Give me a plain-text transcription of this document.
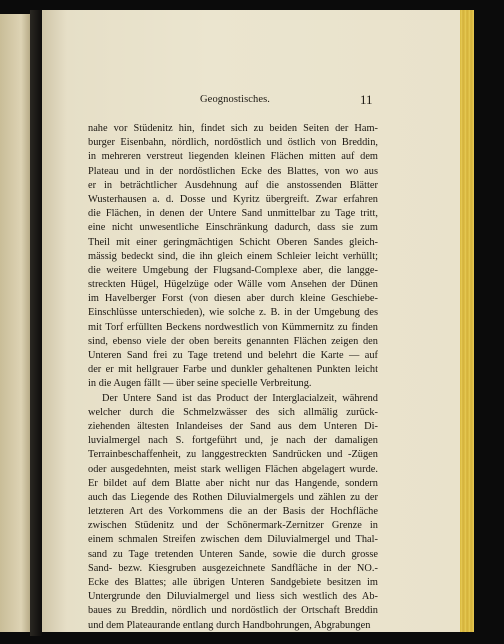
Geognostisches.	11
nahe vor Stüdenitz hin, findet sich zu beiden Seiten der Ham-
burger Eisenbahn, nördlich, nordöstlich und östlich von Breddin,
in mehreren verstreut liegenden kleinen Flächen mitten auf dem
Plateau und in der nordöstlichen Ecke des Blattes, von wo aus
er in beträchtlicher Ausdehnung auf die anstossenden Blätter
Wusterhausen a. d. Dosse und Kyritz übergreift. Zwar erfahren
die Flächen, in denen der Untere Sand unmittelbar zu Tage tritt,
eine nicht unwesentliche Einschränkung dadurch, dass sie zum
Theil mit einer geringmächtigen Schicht Oberen Sandes gleich-
mässig bedeckt sind, die ihn gleich einem Schleier leicht verhüllt;
die weitere Umgebung der Flugsand-Complexe aber, die langge-
streckten Hügel, Hügelzüge oder Wälle vom Ansehen der Dünen
im Havelberger Forst (von diesen aber durch kleine Geschiebe-
Einschlüsse unterschieden), wie solche z. B. in der Umgebung des
mit Torf erfüllten Beckens nordwestlich von Kümmernitz zu finden
sind, ebenso viele der oben bereits genannten Flächen zeigen den
Unteren Sand frei zu Tage tretend und belehrt die Karte — auf
der er mit hellgrauer Farbe und dunkler gehaltenen Punkten leicht
in die Augen fällt — über seine specielle Verbreitung.
Der Untere Sand ist das Product der Interglacialzeit, während
welcher durch die Schmelzwässer des sich allmälig zurück-
ziehenden ältesten Inlandeises der Sand aus dem Unteren Di-
luvialmergel nach S. fortgeführt und, je nach der damaligen
Terrainbeschaffenheit, zu langgestreckten Sandrücken und -Zügen
oder ausgedehnten, meist stark welligen Flächen abgelagert wurde.
Er bildet auf dem Blatte aber nicht nur das Hangende, sondern
auch das Liegende des Rothen Diluvialmergels und zählen zu der
letzteren Art des Vorkommens die an der Basis der Hochfläche
zwischen Stüdenitz und der Schönermark-Zernitzer Grenze in
einem schmalen Streifen zwischen dem Diluvialmergel und Thal-
sand zu Tage tretenden Unteren Sande, sowie die durch grosse
Sand- bezw. Kiesgruben ausgezeichnete Sandfläche in der NO.-
Ecke des Blattes; alle übrigen Unteren Sandgebiete besitzen im
Untergrunde den Diluvialmergel und liess sich westlich des Ab-
baues zu Breddin, nördlich und nordöstlich der Ortschaft Breddin
und dem Plateaurande entlang durch Handbohrungen, Abgrabungen
